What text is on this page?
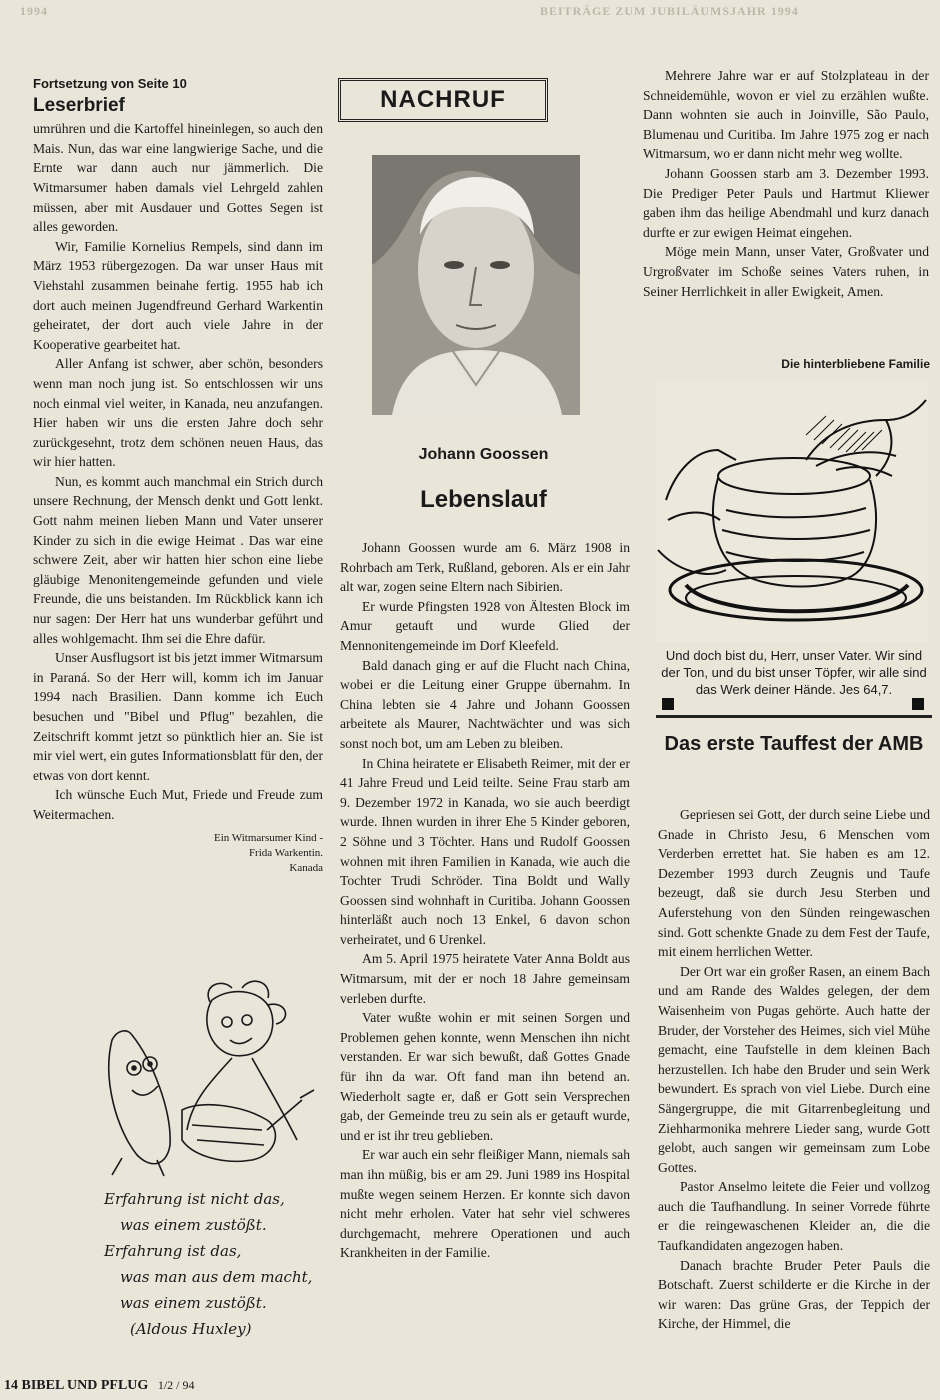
1994	BEITRÄGE ZUM JUBILÄUMSJAHR 1994
Fortsetzung von Seite 10
Leserbrief

umrühren und die Kartoffel hineinlegen, so auch den Mais. Nun, das war eine langwierige Sache, und die Ernte war dann auch nur jämmerlich. Die Witmarsumer haben damals viel Lehrgeld zahlen müssen, aber mit Ausdauer und Gottes Segen ist alles geworden.

Wir, Familie Kornelius Rempels, sind dann im März 1953 rübergezogen. Da war unser Haus mit Viehstahl zusammen beinahe fertig. 1955 hab ich dort auch meinen Jugendfreund Gerhard Warkentin geheiratet, der dort auch viele Jahre in der Kooperative gearbeitet hat.

Aller Anfang ist schwer, aber schön, besonders wenn man noch jung ist. So entschlossen wir uns noch einmal viel weiter, in Kanada, neu anzufangen. Hier haben wir uns die ersten Jahre doch sehr zurückgesehnt, trotz dem schönen neuen Haus, das wir hier hatten.

Nun, es kommt auch manchmal ein Strich durch unsere Rechnung, der Mensch denkt und Gott lenkt. Gott nahm meinen lieben Mann und Vater unserer Kinder zu sich in die ewige Heimat . Das war eine schwere Zeit, aber wir hatten hier schon eine liebe gläubige Menonitengemeinde gefunden und viele Freunde, die uns beistanden. Im Rückblick kann ich nur sagen: Der Herr hat uns wunderbar geführt und alles wohlgemacht. Ihm sei die Ehre dafür.

Unser Ausflugsort ist bis jetzt immer Witmarsum in Paraná. So der Herr will, komm ich im Januar 1994 nach Brasilien. Dann komme ich Euch besuchen und "Bibel und Pflug" bezahlen, die Zeitschrift kommt jetzt so pünktlich hier an. Sie ist mir viel wert, ein gutes Informationsblatt für den, der etwas von dort kennt.

Ich wünsche Euch Mut, Friede und Freude zum Weitermachen.

Ein Witmarsumer Kind -
Frida Warkentin.
Kanada
Erfahrung ist nicht das,
was einem zustößt.
Erfahrung ist das,
was man aus dem macht,
was einem zustößt.
(Aldous Huxley)
NACHRUF
Johann Goossen
Lebenslauf

Johann Goossen wurde am 6. März 1908 in Rohrbach am Terk, Rußland, geboren. Als er ein Jahr alt war, zogen seine Eltern nach Sibirien.

Er wurde Pfingsten 1928 von Ältesten Block im Amur getauft und wurde Glied der Mennonitengemeinde im Dorf Kleefeld.

Bald danach ging er auf die Flucht nach China, wobei er die Leitung einer Gruppe übernahm. In China lebten sie 4 Jahre und Johann Goossen arbeitete als Maurer, Nachtwächter und was sich sonst noch bot, um am Leben zu bleiben.

In China heiratete er Elisabeth Reimer, mit der er 41 Jahre Freud und Leid teilte. Seine Frau starb am 9. Dezember 1972 in Kanada, wo sie auch beerdigt wurde. Ihnen wurden in ihrer Ehe 5 Kinder geboren, 2 Söhne und 3 Töchter. Hans und Rudolf Goossen wohnen mit ihren Familien in Kanada, wie auch die Tochter Trudi Schröder. Tina Boldt und Wally Goossen sind wohnhaft in Curitiba. Johann Goossen hinterläßt auch noch 13 Enkel, 6 davon schon verheiratet, und 6 Urenkel.

Am 5. April 1975 heiratete Vater Anna Boldt aus Witmarsum, mit der er noch 18 Jahre gemeinsam verleben durfte.

Vater wußte wohin er mit seinen Sorgen und Problemen gehen konnte, wenn Menschen ihn nicht verstanden. Er war sich bewußt, daß Gottes Gnade für ihn da war. Oft fand man ihn betend an. Wiederholt sagte er, daß er Gott sein Versprechen gab, der Gemeinde treu zu sein als er getauft wurde, und er ist ihr treu geblieben.

Er war auch ein sehr fleißiger Mann, niemals sah man ihn müßig, bis er am 29. Juni 1989 ins Hospital mußte wegen seinem Herzen. Er konnte sich davon nicht mehr erholen. Vater hat sehr viel schweres durchgemacht, mehrere Operationen und auch Krankheiten in der Familie.

Mehrere Jahre war er auf Stolzplateau in der Schneidemühle, wovon er viel zu erzählen wußte. Dann wohnten sie auch in Joinville, São Paulo, Blumenau und Curitiba. Im Jahre 1975 zog er nach Witmarsum, wo er dann nicht mehr weg wollte.

Johann Goossen starb am 3. Dezember 1993. Die Prediger Peter Pauls und Hartmut Kliewer gaben ihm das heilige Abendmahl und kurz danach durfte er zur ewigen Heimat eingehen.

Möge mein Mann, unser Vater, Großvater und Urgroßvater im Schoße seines Vaters ruhen, in Seiner Herrlichkeit in aller Ewigkeit, Amen.

Die hinterbliebene Familie
Und doch bist du, Herr, unser Vater. Wir sind der Ton, und du bist unser Töpfer, wir alle sind das Werk deiner Hände. Jes 64,7.
Das erste Tauffest der AMB

Gepriesen sei Gott, der durch seine Liebe und Gnade in Christo Jesu, 6 Menschen vom Verderben errettet hat. Sie haben es am 12. Dezember 1993 durch Zeugnis und Taufe bezeugt, daß sie durch Jesu Sterben und Auferstehung von den Sünden reingewaschen sind. Gott schenkte Gnade zu dem Fest der Taufe, mit einem herrlichen Wetter.

Der Ort war ein großer Rasen, an einem Bach und am Rande des Waldes gelegen, der dem Waisenheim von Pugas gehörte. Auch hatte der Bruder, der Vorsteher des Heimes, sich viel Mühe gemacht, eine Taufstelle in dem kleinen Bach herzustellen. Ich habe den Bruder und sein Werk bewundert. Es sprach von viel Liebe. Durch eine Sängergruppe, die mit Gitarrenbegleitung und Ziehharmonika mehrere Lieder sang, wurde Gott gelobt, auch sangen wir gemeinsam zum Lobe Gottes.

Pastor Anselmo leitete die Feier und vollzog auch die Taufhandlung. In seiner Vorrede führte er die reingewaschenen Kleider an, die die Taufkandidaten angezogen haben.

Danach brachte Bruder Peter Pauls die Botschaft. Zuerst schilderte er die Kirche in der wir waren: Das grüne Gras, der Teppich der Kirche, der Himmel, die

14 BIBEL UND PFLUG 1/2 / 94
